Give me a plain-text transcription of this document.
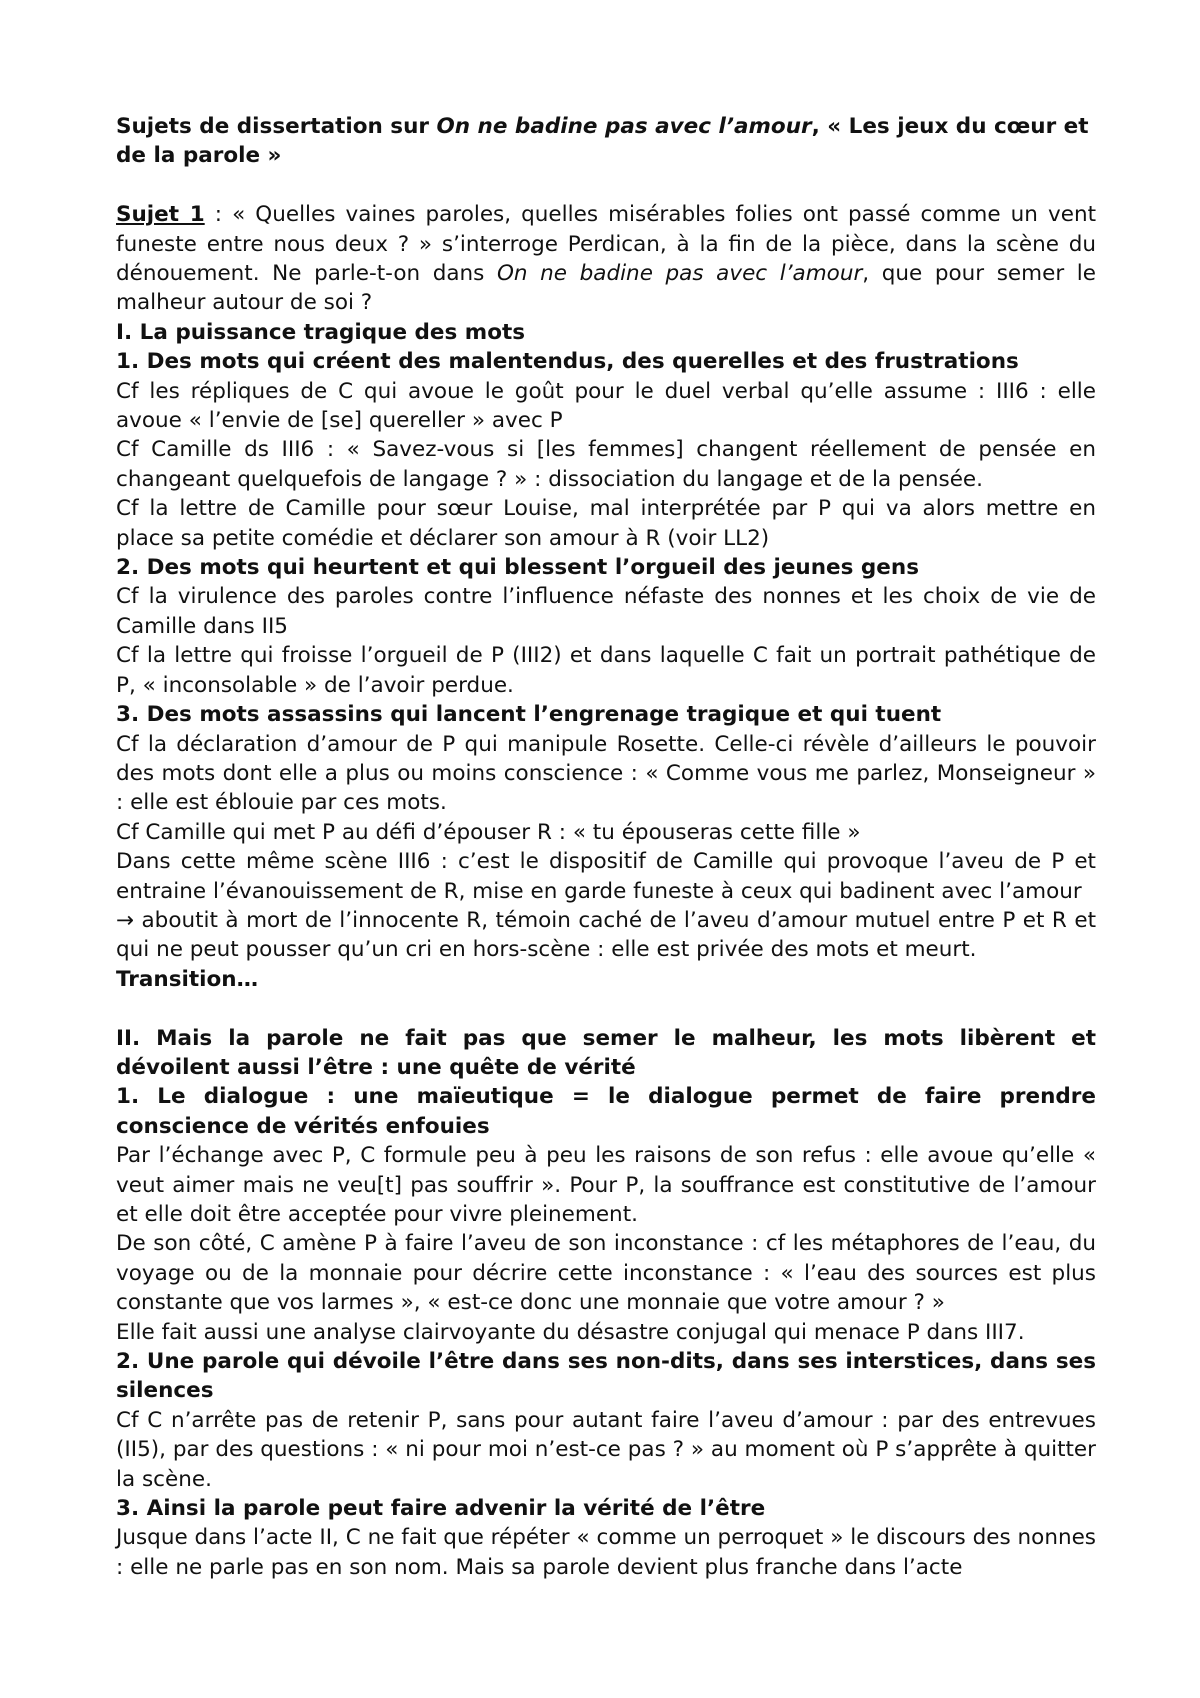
Sujets de dissertation sur On ne badine pas avec l’amour, « Les jeux du cœur et de la parole »

Sujet 1 : « Quelles vaines paroles, quelles misérables folies ont passé comme un vent funeste entre nous deux ? » s’interroge Perdican, à la fin de la pièce, dans la scène du dénouement. Ne parle-t-on dans On ne badine pas avec l’amour, que pour semer le malheur autour de soi ?

I. La puissance tragique des mots
1. Des mots qui créent des malentendus, des querelles et des frustrations

Cf les répliques de C qui avoue le goût pour le duel verbal qu’elle assume : III6 : elle avoue « l’envie de [se] quereller » avec P

Cf Camille ds III6 : « Savez-vous si [les femmes] changent réellement de pensée en changeant quelquefois de langage ? » : dissociation du langage et de la pensée.

Cf la lettre de Camille pour sœur Louise, mal interprétée par P qui va alors mettre en place sa petite comédie et déclarer son amour à R (voir LL2)

2. Des mots qui heurtent et qui blessent l’orgueil des jeunes gens

Cf la virulence des paroles contre l’influence néfaste des nonnes et les choix de vie de Camille dans II5

Cf la lettre qui froisse l’orgueil de P (III2) et dans laquelle C fait un portrait pathétique de P, « inconsolable » de l’avoir perdue.

3. Des mots assassins qui lancent l’engrenage tragique et qui tuent

Cf la déclaration d’amour de P qui manipule Rosette. Celle-ci révèle d’ailleurs le pouvoir des mots dont elle a plus ou moins conscience : « Comme vous me parlez, Monseigneur » : elle est éblouie par ces mots.

Cf Camille qui met P au défi d’épouser R : « tu épouseras cette fille »

Dans cette même scène III6 : c’est le dispositif de Camille qui provoque l’aveu de P et entraine l’évanouissement de R, mise en garde funeste à ceux qui badinent avec l’amour

→ aboutit à mort de l’innocente R, témoin caché de l’aveu d’amour mutuel entre P et R et qui ne peut pousser qu’un cri en hors-scène : elle est privée des mots et meurt.

Transition…

II. Mais la parole ne fait pas que semer le malheur, les mots libèrent et dévoilent aussi l’être : une quête de vérité
1. Le dialogue : une maïeutique = le dialogue permet de faire prendre conscience de vérités enfouies

Par l’échange avec P, C formule peu à peu les raisons de son refus : elle avoue qu’elle « veut aimer mais ne veu[t] pas souffrir ». Pour P, la souffrance est constitutive de l’amour et elle doit être acceptée pour vivre pleinement.

De son côté, C amène P à faire l’aveu de son inconstance : cf les métaphores de l’eau, du voyage ou de la monnaie pour décrire cette inconstance : « l’eau des sources est plus constante que vos larmes », « est-ce donc une monnaie que votre amour ? »

Elle fait aussi une analyse clairvoyante du désastre conjugal qui menace P dans III7.

2. Une parole qui dévoile l’être dans ses non-dits, dans ses interstices, dans ses silences

Cf C n’arrête pas de retenir P, sans pour autant faire l’aveu d’amour : par des entrevues (II5), par des questions : « ni pour moi n’est-ce pas ? » au moment où P s’apprête à quitter la scène.

3. Ainsi la parole peut faire advenir la vérité de l’être

Jusque dans l’acte II, C ne fait que répéter « comme un perroquet » le discours des nonnes : elle ne parle pas en son nom. Mais sa parole devient plus franche dans l’acte
